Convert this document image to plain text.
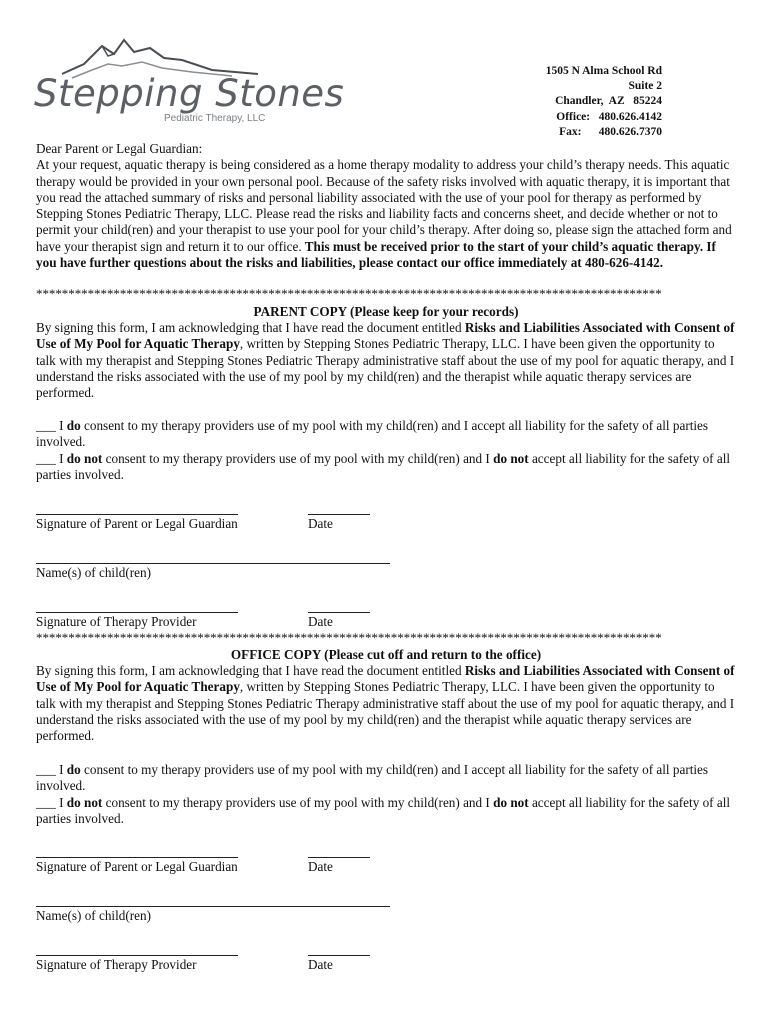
Stepping Stones
Pediatric Therapy, LLC
1505 N Alma School Rd
Suite 2
Chandler,  AZ   85224
Office:   480.626.4142
Fax:      480.626.7370
Dear Parent or Legal Guardian:
At your request, aquatic therapy is being considered as a home therapy modality to address your child’s therapy needs. This aquatic therapy would be provided in your own personal pool. Because of the safety risks involved with aquatic therapy, it is important that you read the attached summary of risks and personal liability associated with the use of your pool for therapy as performed by Stepping Stones Pediatric Therapy, LLC. Please read the risks and liability facts and concerns sheet, and decide whether or not to permit your child(ren) and your therapist to use your pool for your child’s therapy. After doing so, please sign the attached form and have your therapist sign and return it to our office. This must be received prior to the start of your child’s aquatic therapy. If you have further questions about the risks and liabilities, please contact our office immediately at 480-626-4142.
*************************************************************************************************
PARENT COPY (Please keep for your records)
By signing this form, I am acknowledging that I have read the document entitled Risks and Liabilities Associated with Consent of Use of My Pool for Aquatic Therapy, written by Stepping Stones Pediatric Therapy, LLC. I have been given the opportunity to talk with my therapist and Stepping Stones Pediatric Therapy administrative staff about the use of my pool for aquatic therapy, and I understand the risks associated with the use of my pool by my child(ren) and the therapist while aquatic therapy services are performed.
___ I do consent to my therapy providers use of my pool with my child(ren) and I accept all liability for the safety of all parties involved.
___ I do not consent to my therapy providers use of my pool with my child(ren) and I do not accept all liability for the safety of all parties involved.
Signature of Parent or Legal Guardian	Date
Name(s) of child(ren)
Signature of Therapy Provider	Date
*************************************************************************************************
OFFICE COPY (Please cut off and return to the office)
By signing this form, I am acknowledging that I have read the document entitled Risks and Liabilities Associated with Consent of Use of My Pool for Aquatic Therapy, written by Stepping Stones Pediatric Therapy, LLC. I have been given the opportunity to talk with my therapist and Stepping Stones Pediatric Therapy administrative staff about the use of my pool for aquatic therapy, and I understand the risks associated with the use of my pool by my child(ren) and the therapist while aquatic therapy services are performed.
___ I do consent to my therapy providers use of my pool with my child(ren) and I accept all liability for the safety of all parties involved.
___ I do not consent to my therapy providers use of my pool with my child(ren) and I do not accept all liability for the safety of all parties involved.
Signature of Parent or Legal Guardian	Date
Name(s) of child(ren)
Signature of Therapy Provider	Date
